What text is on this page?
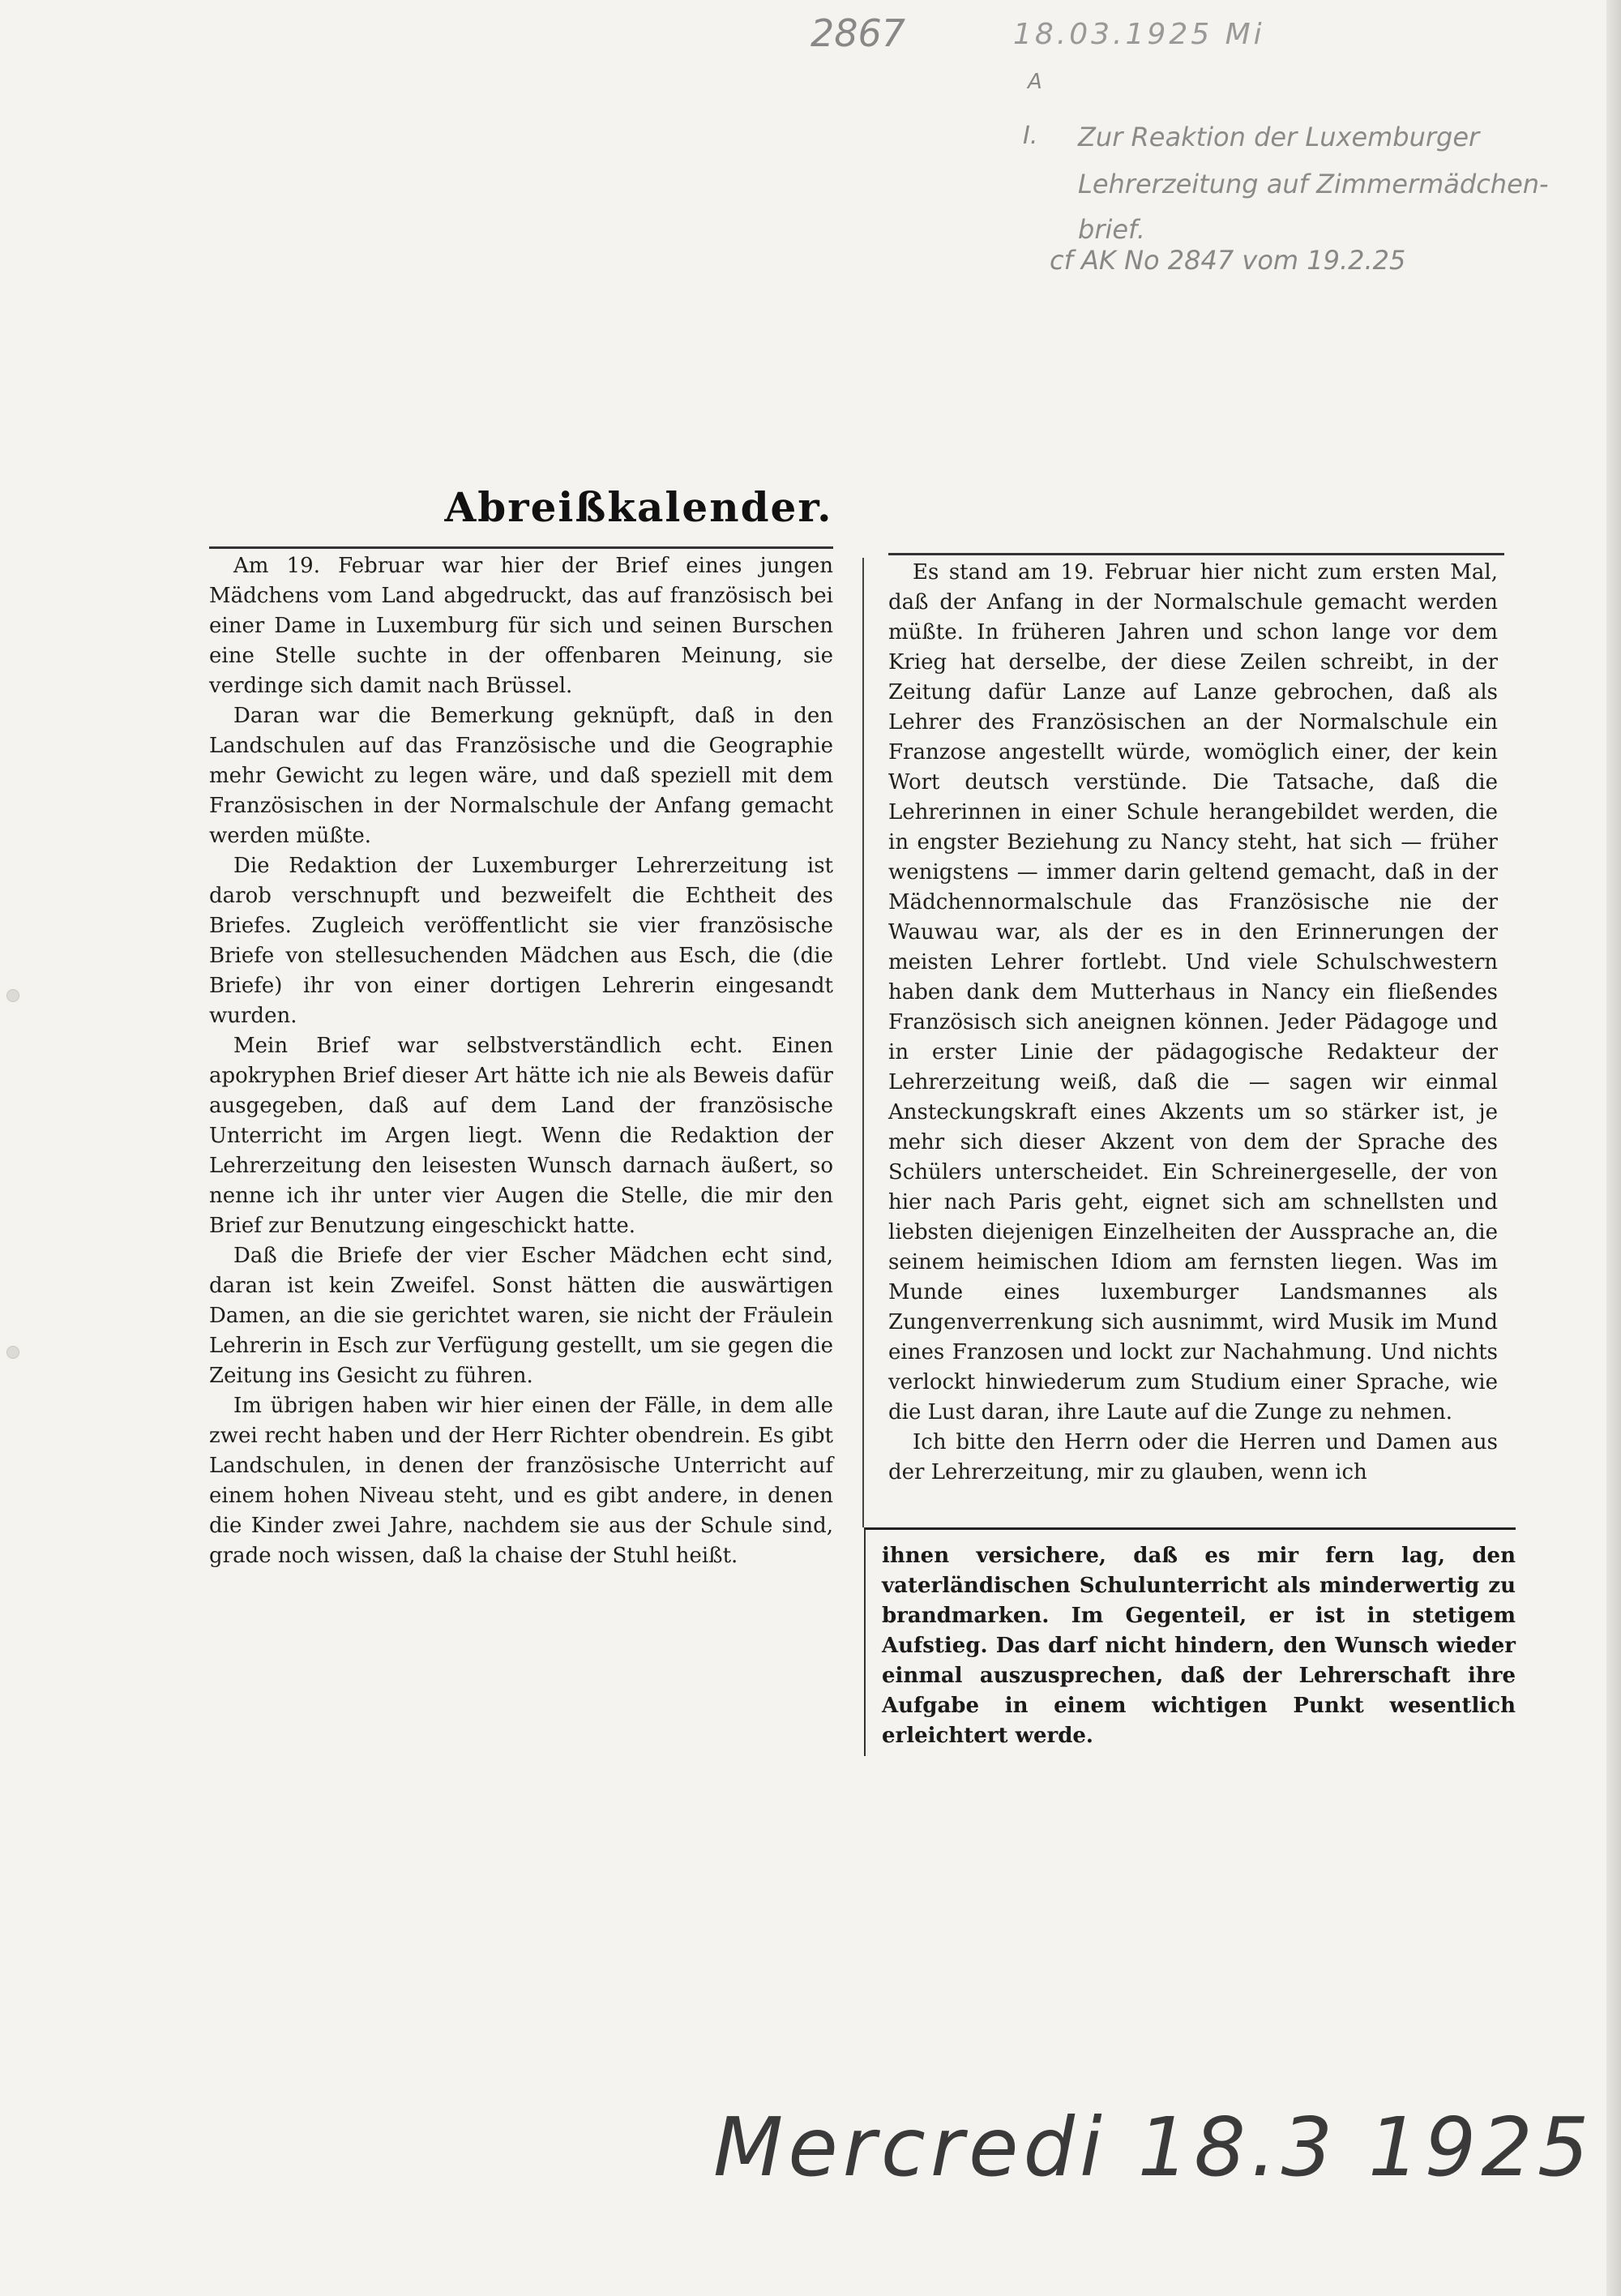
2867	18.03.1925 Mi
A
I. Zur Reaktion der Luxemburger
Lehrerzeitung auf Zimmermädchen-
brief.
cf AK No 2847 vom 19.2.25
Abreißkalender.

Am 19. Februar war hier der Brief eines jungen Mädchens vom Land abgedruckt, das auf französisch bei einer Dame in Luxemburg für sich und seinen Burschen eine Stelle suchte in der offenbaren Meinung, sie verdinge sich damit nach Brüssel.

Daran war die Bemerkung geknüpft, daß in den Landschulen auf das Französische und die Geographie mehr Gewicht zu legen wäre, und daß speziell mit dem Französischen in der Normalschule der Anfang gemacht werden müßte.

Die Redaktion der Luxemburger Lehrerzeitung ist darob verschnupft und bezweifelt die Echtheit des Briefes. Zugleich veröffentlicht sie vier französische Briefe von stellesuchenden Mädchen aus Esch, die (die Briefe) ihr von einer dortigen Lehrerin eingesandt wurden.

Mein Brief war selbstverständlich echt. Einen apokryphen Brief dieser Art hätte ich nie als Beweis dafür ausgegeben, daß auf dem Land der französische Unterricht im Argen liegt. Wenn die Redaktion der Lehrerzeitung den leisesten Wunsch darnach äußert, so nenne ich ihr unter vier Augen die Stelle, die mir den Brief zur Benutzung eingeschickt hatte.

Daß die Briefe der vier Escher Mädchen echt sind, daran ist kein Zweifel. Sonst hätten die auswärtigen Damen, an die sie gerichtet waren, sie nicht der Fräulein Lehrerin in Esch zur Verfügung gestellt, um sie gegen die Zeitung ins Gesicht zu führen.

Im übrigen haben wir hier einen der Fälle, in dem alle zwei recht haben und der Herr Richter obendrein. Es gibt Landschulen, in denen der französische Unterricht auf einem hohen Niveau steht, und es gibt andere, in denen die Kinder zwei Jahre, nachdem sie aus der Schule sind, grade noch wissen, daß la chaise der Stuhl heißt.

Es stand am 19. Februar hier nicht zum ersten Mal, daß der Anfang in der Normalschule gemacht werden müßte. In früheren Jahren und schon lange vor dem Krieg hat derselbe, der diese Zeilen schreibt, in der Zeitung dafür Lanze auf Lanze gebrochen, daß als Lehrer des Französischen an der Normalschule ein Franzose angestellt würde, womöglich einer, der kein Wort deutsch verstünde. Die Tatsache, daß die Lehrerinnen in einer Schule herangebildet werden, die in engster Beziehung zu Nancy steht, hat sich — früher wenigstens — immer darin geltend gemacht, daß in der Mädchennormalschule das Französische nie der Wauwau war, als der es in den Erinnerungen der meisten Lehrer fortlebt. Und viele Schulschwestern haben dank dem Mutterhaus in Nancy ein fließendes Französisch sich aneignen können. Jeder Pädagoge und in erster Linie der pädagogische Redakteur der Lehrerzeitung weiß, daß die — sagen wir einmal Ansteckungskraft eines Akzents um so stärker ist, je mehr sich dieser Akzent von dem der Sprache des Schülers unterscheidet. Ein Schreinergeselle, der von hier nach Paris geht, eignet sich am schnellsten und liebsten diejenigen Einzelheiten der Aussprache an, die seinem heimischen Idiom am fernsten liegen. Was im Munde eines luxemburger Landsmannes als Zungenverrenkung sich ausnimmt, wird Musik im Mund eines Franzosen und lockt zur Nachahmung. Und nichts verlockt hinwiederum zum Studium einer Sprache, wie die Lust daran, ihre Laute auf die Zunge zu nehmen.

Ich bitte den Herrn oder die Herren und Damen aus der Lehrerzeitung, mir zu glauben, wenn ich

ihnen versichere, daß es mir fern lag, den vaterländischen Schulunterricht als minderwertig zu brandmarken. Im Gegenteil, er ist in stetigem Aufstieg. Das darf nicht hindern, den Wunsch wieder einmal auszusprechen, daß der Lehrerschaft ihre Aufgabe in einem wichtigen Punkt wesentlich erleichtert werde.

Mercredi 18.3 1925
